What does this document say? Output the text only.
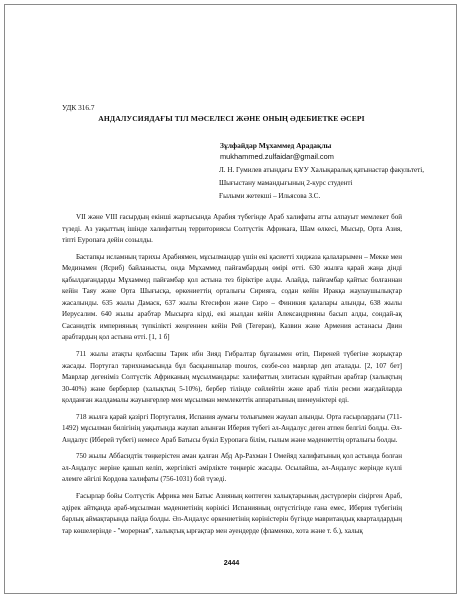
УДК 316.7
АНДАЛУСИЯДАҒЫ ТІЛ МӘСЕЛЕСІ ЖӘНЕ ОНЫҢ ӘДЕБИЕТКЕ ӘСЕРІ
Зұлфайдар Мұхаммед Арадақлы
mukhammed.zulfaidar@gmail.com
Л. Н. Гумилев атындағы ЕҰУ Халықаралық қатынастар факультеті,
Шығыстану мамандығының 2-курс студенті
Ғылыми жетекші – Ильясова З.С.

VII және VIII ғасырдың екінші жартысында Арабия түбегінде Араб халифаты атты алпауыт мемлекет бой түзеді. Аз уақыттың ішінде халифаттың территориясы Солтүстік Африкаға, Шам өлкесі, Мысыр, Орта Азия, тіпті Еуропаға дейін созылды.

Бастапқы исламның тарихы Арабиямен, мұсылмандар үшін екі қасиетті хиджаза қалаларымен – Мекке мен Мединамен (Ясриб) байланысты, онда Мұхаммед пайғамбардың өмірі өтті. 630 жылға қарай жаңа дінді қабылдағандарды Мұхаммед пайғамбар қол астына тез біріктіре алды. Алайда, пайғамбар қайтыс болғаннан кейін Таяу және Орта Шығысқа, өркениеттің орталығы Сирияға, содан кейін Иракқа жаулаушылықтар жасалынды. 635 жылы Дамаск, 637 жылы Ктесифон және Сиро – Финикия қалалары алынды, 638 жылы Иерусалим. 640 жылы арабтар Мысырға кірді, екі жылдан кейін Александрияны басып алды, сондай-ақ Сасанидтік империяның түпкілікті жеңгеннен кейін Рей (Тегеран), Казвин және Армения астанасы Двин арабтардың қол астына өтті. [1, 1 б]

711 жылы атақты қолбасшы Тарик ибн Зияд Гибралтар бұғазымен өтіп, Пиреней түбегіне жорықтар жасады. Португал тарихнамасында бұл басқыншылар mouros, сөзбе-сөз маврлар деп аталады. [2, 107 бет] Маврлар дегеніміз Солтүстік Африканың мұсылмандары: халифаттың элитасын құрайтын арабтар (халықтың 30-40%) және берберлер (халықтың 5-10%), бербер тілінде сөйлейтін және араб тілін ресми жағдайларда қолданған жалдамалы жауынгерлер мен мұсылман мемлекеттік аппаратының шенеуніктері еді.

718 жылға қарай қазіргі Португалия, Испания аумағы толығымен жаулап алынды. Орта ғасырлардағы (711-1492) мұсылман билігінің уақытында жаулап алынған Иберия түбегі әл-Андалус деген атпен белгілі болды. Әл-Андалус (Иберей түбегі) немесе Араб Батысы бүкіл Еуропаға білім, ғылым және мәдениеттің орталығы болды.

750 жылы Аббасидтік төңкерістен аман қалған Абд Ар-Рахман I Омейяд халифатының қол астында болған әл-Андалус жеріне қашып келіп, жергілікті әмірлікте төңкеріс жасады. Осылайша, әл-Андалус жерінде күллі әлемге әйгілі Кордова халифаты (756-1031) бой түзеді.

Ғасырлар бойы Солтүстік Африка мен Батыс Азияның көптеген халықтарының дәстүрлерін сіңірген Араб, әдірек айтқанда араб-мұсылман мәдениетінің көрінісі Испанияның оңтүстігінде ғана емес, Иберия түбегінің барлық аймақтарында пайда болды. Әл-Андалус өркениетінің көріністерін бүгінде мавритандық кварталдардың тар көшелерінде - "морерная", халықтық ырғақтар мен әуендерде (фламенко, хота және т. б.), халық

2444
